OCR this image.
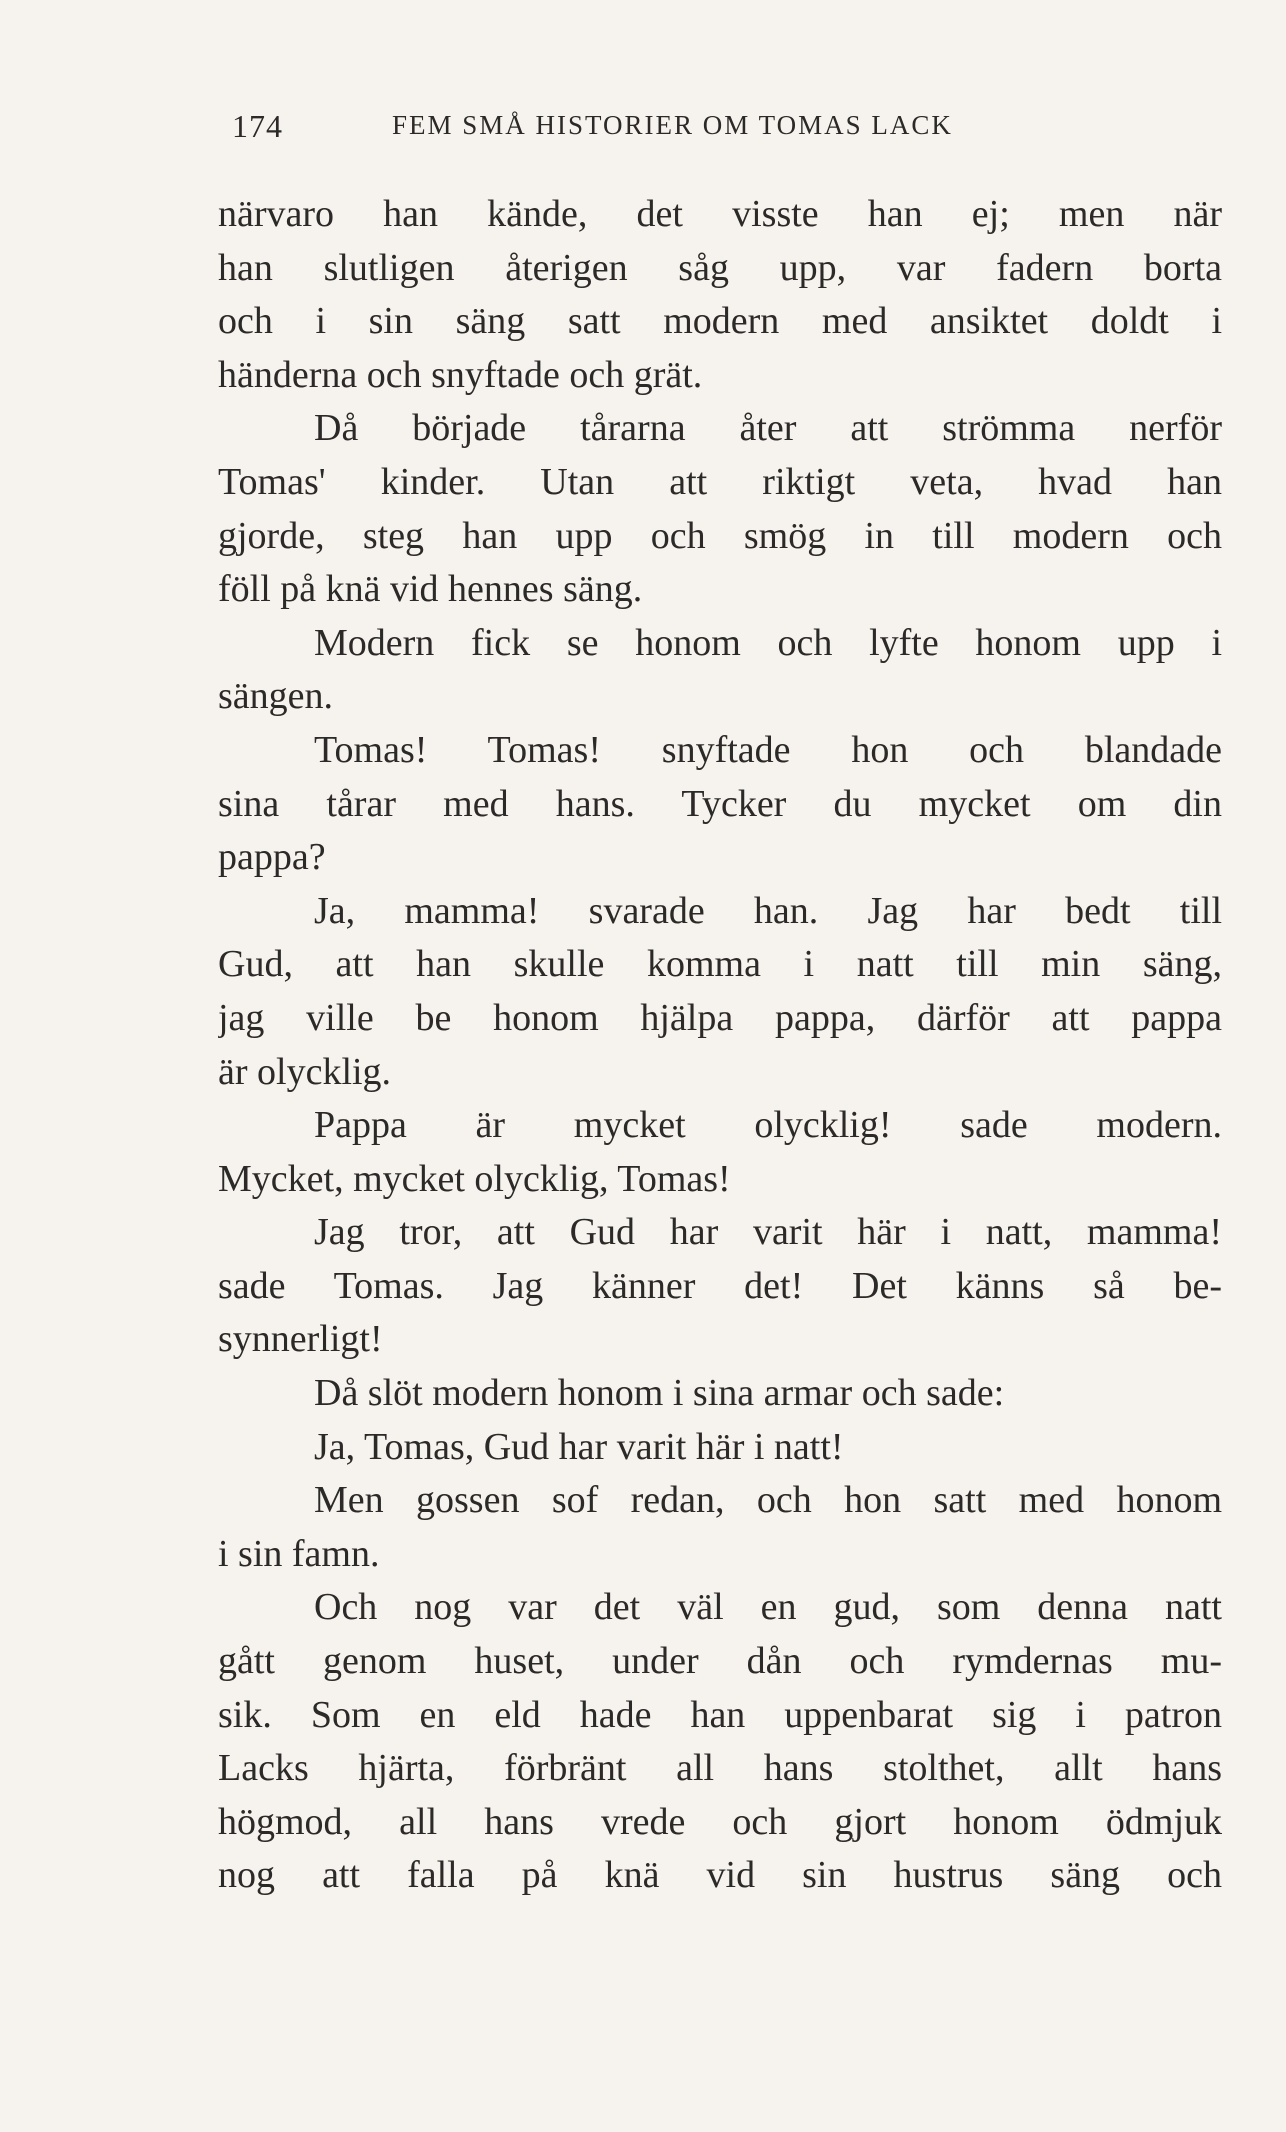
174	FEM SMÅ HISTORIER OM TOMAS LACK
närvaro han kände, det visste han ej; men när
han slutligen återigen såg upp, var fadern borta
och i sin säng satt modern med ansiktet doldt i
händerna och snyftade och grät.
Då började tårarna åter att strömma nerför
Tomas' kinder. Utan att riktigt veta, hvad han
gjorde, steg han upp och smög in till modern och
föll på knä vid hennes säng.
Modern fick se honom och lyfte honom upp i
sängen.
Tomas! Tomas! snyftade hon och blandade
sina tårar med hans. Tycker du mycket om din
pappa?
Ja, mamma! svarade han. Jag har bedt till
Gud, att han skulle komma i natt till min säng,
jag ville be honom hjälpa pappa, därför att pappa
är olycklig.
Pappa är mycket olycklig! sade modern.
Mycket, mycket olycklig, Tomas!
Jag tror, att Gud har varit här i natt, mamma!
sade Tomas. Jag känner det! Det känns så be-
synnerligt!
Då slöt modern honom i sina armar och sade:
Ja, Tomas, Gud har varit här i natt!
Men gossen sof redan, och hon satt med honom
i sin famn.
Och nog var det väl en gud, som denna natt
gått genom huset, under dån och rymdernas mu-
sik. Som en eld hade han uppenbarat sig i patron
Lacks hjärta, förbränt all hans stolthet, allt hans
högmod, all hans vrede och gjort honom ödmjuk
nog att falla på knä vid sin hustrus säng och
